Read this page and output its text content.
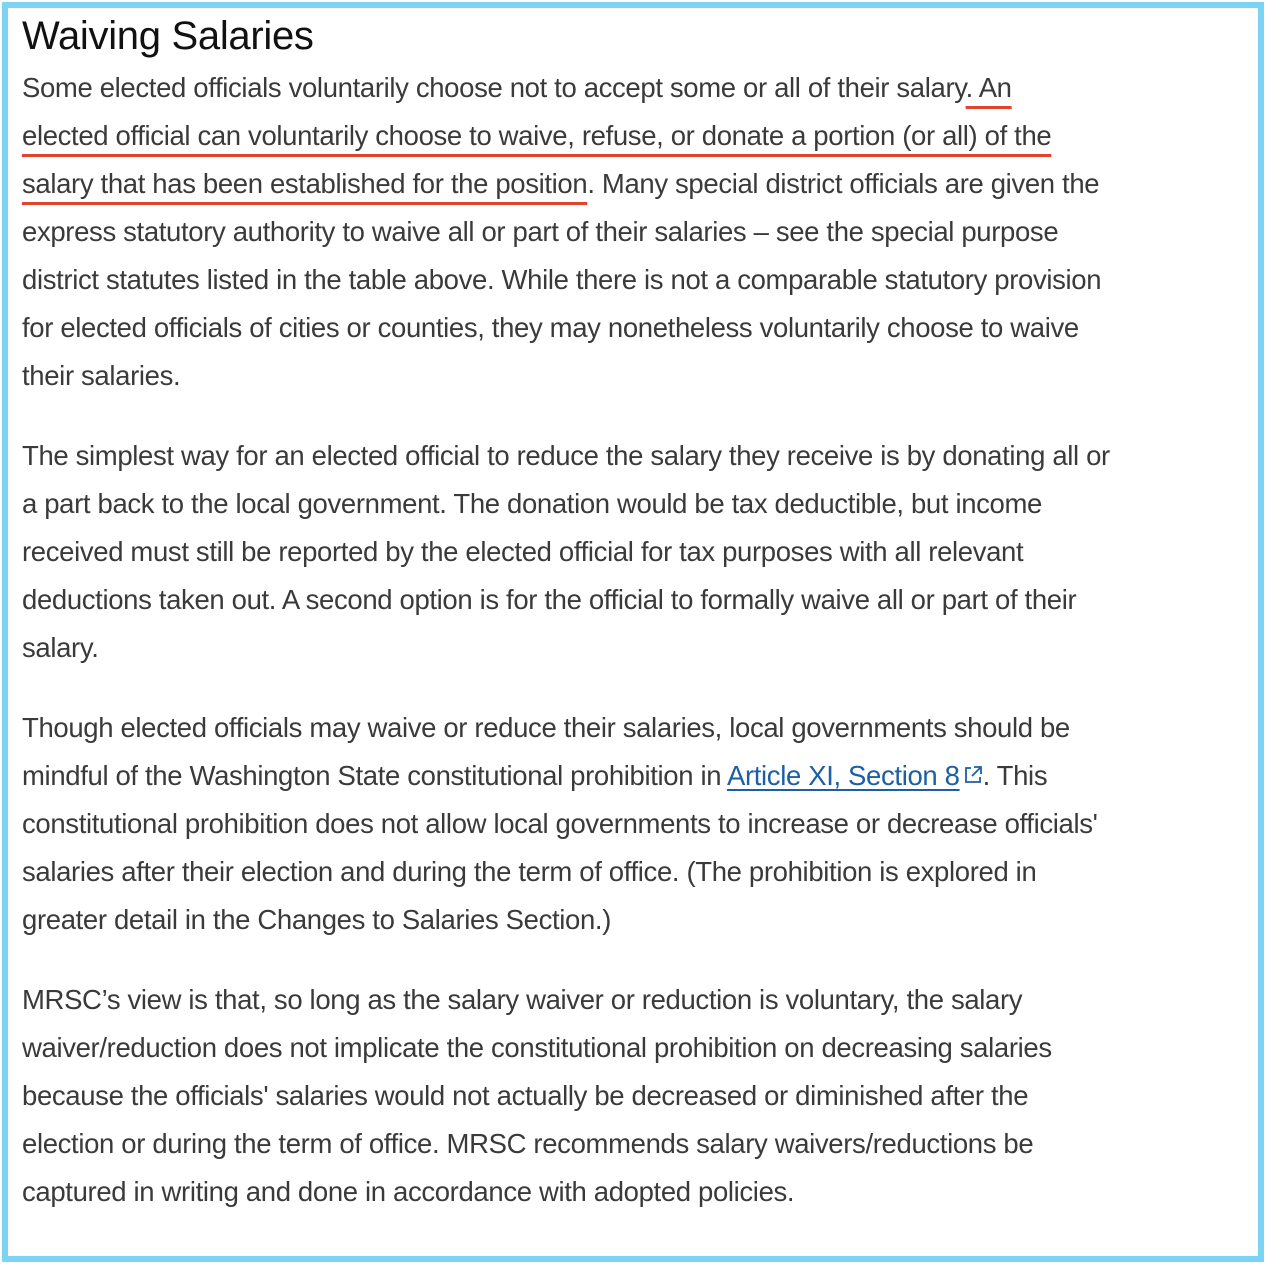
Waiving Salaries

Some elected officials voluntarily choose not to accept some or all of their salary. An
elected official can voluntarily choose to waive, refuse, or donate a portion (or all) of the
salary that has been established for the position. Many special district officials are given the
express statutory authority to waive all or part of their salaries – see the special purpose
district statutes listed in the table above. While there is not a comparable statutory provision
for elected officials of cities or counties, they may nonetheless voluntarily choose to waive
their salaries.

The simplest way for an elected official to reduce the salary they receive is by donating all or
a part back to the local government. The donation would be tax deductible, but income
received must still be reported by the elected official for tax purposes with all relevant
deductions taken out. A second option is for the official to formally waive all or part of their
salary.

Though elected officials may waive or reduce their salaries, local governments should be
mindful of the Washington State constitutional prohibition in Article XI, Section 8 . This
constitutional prohibition does not allow local governments to increase or decrease officials'
salaries after their election and during the term of office. (The prohibition is explored in
greater detail in the Changes to Salaries Section.)

MRSC’s view is that, so long as the salary waiver or reduction is voluntary, the salary
waiver/reduction does not implicate the constitutional prohibition on decreasing salaries
because the officials' salaries would not actually be decreased or diminished after the
election or during the term of office. MRSC recommends salary waivers/reductions be
captured in writing and done in accordance with adopted policies.
